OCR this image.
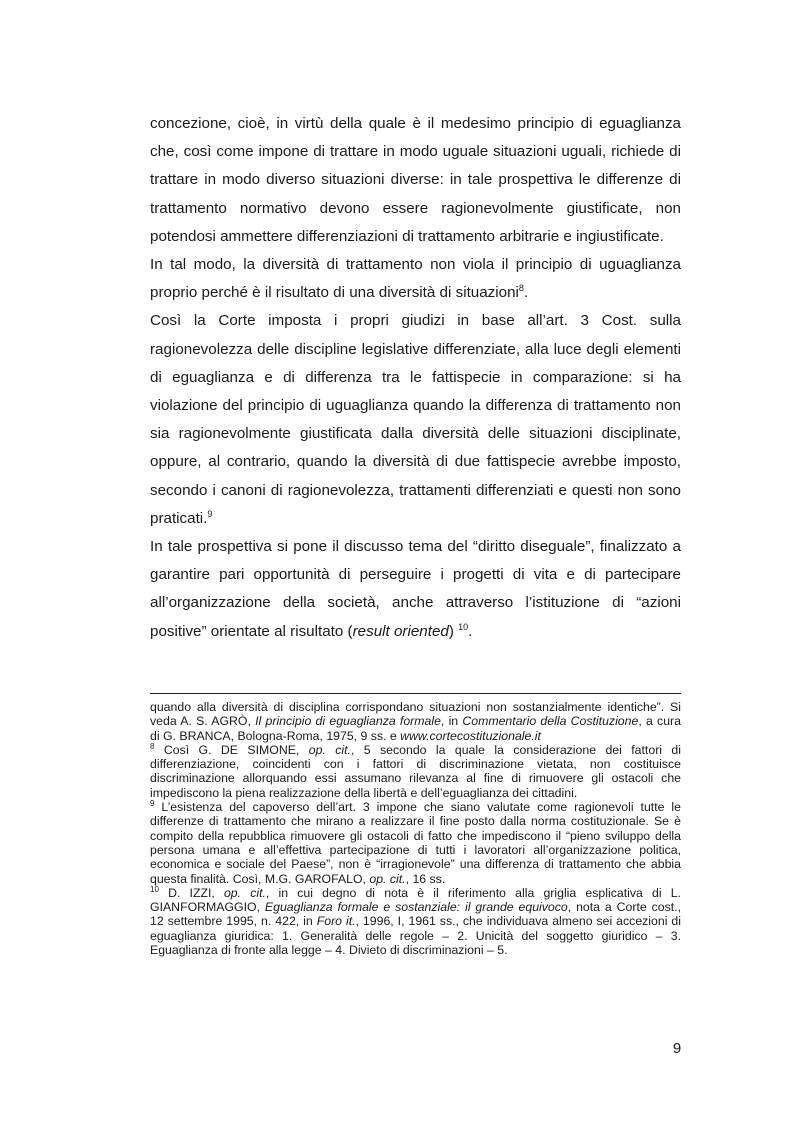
concezione, cioè, in virtù della quale è il medesimo principio di eguaglianza che, così come impone di trattare in modo uguale situazioni uguali, richiede di trattare in modo diverso situazioni diverse: in tale prospettiva le differenze di trattamento normativo devono essere ragionevolmente giustificate, non potendosi ammettere differenziazioni di trattamento arbitrarie e ingiustificate.

In tal modo, la diversità di trattamento non viola il principio di uguaglianza proprio perché è il risultato di una diversità di situazioni$^8$.

Così la Corte imposta i propri giudizi in base all’art. 3 Cost. sulla ragionevolezza delle discipline legislative differenziate, alla luce degli elementi di eguaglianza e di differenza tra le fattispecie in comparazione: si ha violazione del principio di uguaglianza quando la differenza di trattamento non sia ragionevolmente giustificata dalla diversità delle situazioni disciplinate, oppure, al contrario, quando la diversità di due fattispecie avrebbe imposto, secondo i canoni di ragionevolezza, trattamenti differenziati e questi non sono praticati.$^9$

In tale prospettiva si pone il discusso tema del “diritto diseguale”, finalizzato a garantire pari opportunità di perseguire i progetti di vita e di partecipare all’organizzazione della società, anche attraverso l’istituzione di “azioni positive” orientate al risultato (result oriented) $^{10}$.

quando alla diversità di disciplina corrispondano situazioni non sostanzialmente identiche”. Si veda A. S. AGRÒ, Il principio di eguaglianza formale, in Commentario della Costituzione, a cura di G. BRANCA, Bologna-Roma, 1975, 9 ss. e www.cortecostituzionale.it

$^8$ Così G. DE SIMONE, op. cit., 5 secondo la quale la considerazione dei fattori di differenziazione, coincidenti con i fattori di discriminazione vietata, non costituisce discriminazione allorquando essi assumano rilevanza al fine di rimuovere gli ostacoli che impediscono la piena realizzazione della libertà e dell’eguaglianza dei cittadini.

$^9$ L’esistenza del capoverso dell’art. 3 impone che siano valutate come ragionevoli tutte le differenze di trattamento che mirano a realizzare il fine posto dalla norma costituzionale. Se è compito della repubblica rimuovere gli ostacoli di fatto che impediscono il “pieno sviluppo della persona umana e all’effettiva partecipazione di tutti i lavoratori all’organizzazione politica, economica e sociale del Paese”, non è “irragionevole” una differenza di trattamento che abbia questa finalità. Così, M.G. GAROFALO, op. cit., 16 ss.

$^{10}$ D. IZZI, op. cit., in cui degno di nota è il riferimento alla griglia esplicativa di L. GIANFORMAGGIO, Eguaglianza formale e sostanziale: il grande equivoco, nota a Corte cost., 12 settembre 1995, n. 422, in Foro it., 1996, I, 1961 ss., che individuava almeno sei accezioni di eguaglianza giuridica: 1. Generalità delle regole – 2. Unicità del soggetto giuridico – 3. Eguaglianza di fronte alla legge – 4. Divieto di discriminazioni – 5.

9
